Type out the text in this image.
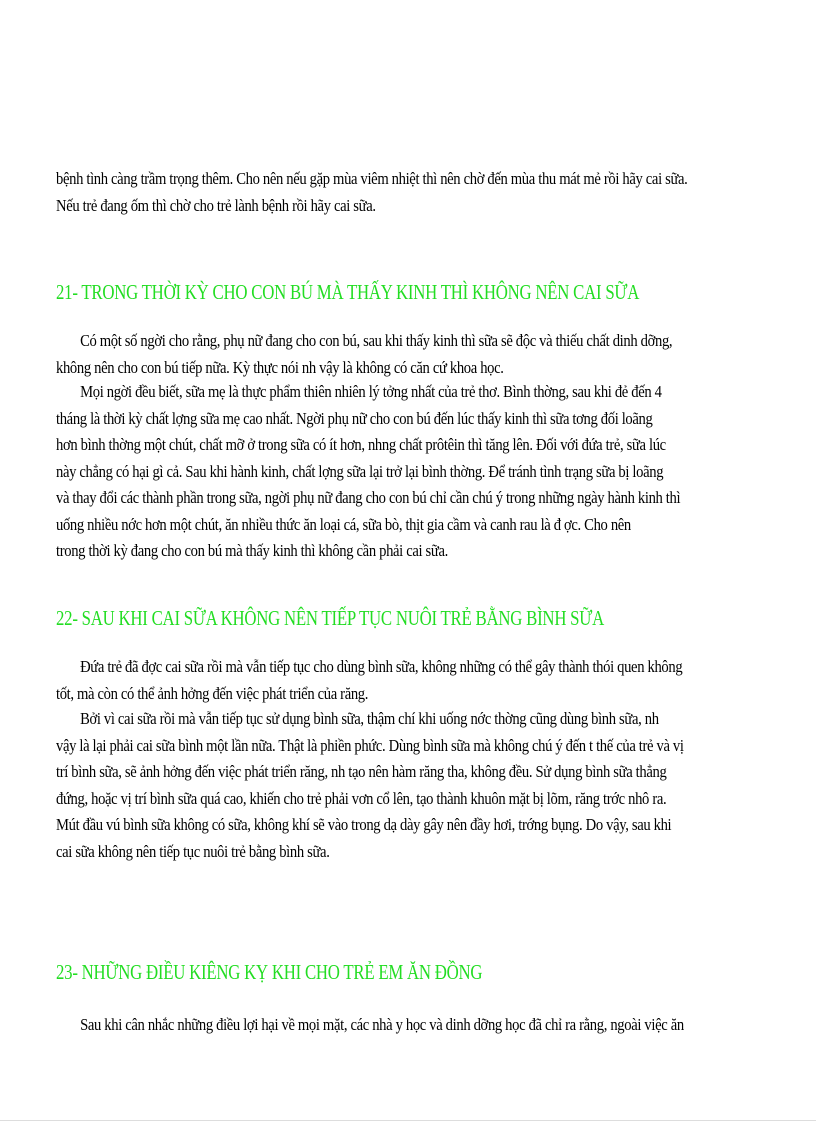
bệnh tình càng trầm trọng thêm. Cho nên nếu gặp mùa viêm nhiệt thì nên chờ đến mùa thu mát mẻ rồi hãy cai sữa.
Nếu trẻ đang ốm thì chờ cho trẻ lành bệnh rồi hãy cai sữa.
21- TRONG THỜI KỲ CHO CON BÚ MÀ THẤY KINH THÌ KHÔNG NÊN CAI SỮA
Có một số ngời cho rằng, phụ nữ đang cho con bú, sau khi thấy kinh thì sữa sẽ độc và thiếu chất dinh dỡng,
không nên cho con bú tiếp nữa. Kỳ thực nói nh vậy là không có căn cứ khoa học.
Mọi ngời đều biết, sữa mẹ là thực phẩm thiên nhiên lý tởng nhất của trẻ thơ. Bình thờng, sau khi đẻ đến 4
tháng là thời kỳ chất lợng sữa mẹ cao nhất. Ngời phụ nữ cho con bú đến lúc thấy kinh thì sữa tơng đối loãng
hơn bình thờng một chút, chất mỡ ở trong sữa có ít hơn, nhng chất prôtêin thì tăng lên. Đối với đứa trẻ, sữa lúc
này chẳng có hại gì cả. Sau khi hành kinh, chất lợng sữa lại trở lại bình thờng. Để tránh tình trạng sữa bị loãng
và thay đổi các thành phần trong sữa, ngời phụ nữ đang cho con bú chỉ cần chú ý trong những ngày hành kinh thì
uống nhiều nớc hơn một chút, ăn nhiều thức ăn loại cá, sữa bò, thịt gia cầm và canh rau là đ ợc. Cho nên
trong thời kỳ đang cho con bú mà thấy kinh thì không cần phải cai sữa.
22- SAU KHI CAI SỮA KHÔNG NÊN TIẾP TỤC NUÔI TRẺ BẰNG BÌNH SỮA
Đứa trẻ đã đợc cai sữa rồi mà vẫn tiếp tục cho dùng bình sữa, không những có thể gây thành thói quen không
tốt, mà còn có thể ảnh hởng đến việc phát triển của răng.
Bởi vì cai sữa rồi mà vẫn tiếp tục sử dụng bình sữa, thậm chí khi uống nớc thờng cũng dùng bình sữa, nh
vậy là lại phải cai sữa bình một lần nữa. Thật là phiền phức. Dùng bình sữa mà không chú ý đến t thế của trẻ và vị
trí bình sữa, sẽ ảnh hởng đến việc phát triển răng, nh tạo nên hàm răng tha, không đều. Sử dụng bình sữa thẳng
đứng, hoặc vị trí bình sữa quá cao, khiến cho trẻ phải vơn cổ lên, tạo thành khuôn mặt bị lõm, răng trớc nhô ra.
Mút đầu vú bình sữa không có sữa, không khí sẽ vào trong dạ dày gây nên đầy hơi, trớng bụng. Do vậy, sau khi
cai sữa không nên tiếp tục nuôi trẻ bằng bình sữa.
23- NHỮNG ĐIỀU KIÊNG KỴ KHI CHO TRẺ EM ĂN ĐỒNG
Sau khi cân nhắc những điều lợi hại về mọi mặt, các nhà y học và dinh dỡng học đã chỉ ra rằng, ngoài việc ăn
